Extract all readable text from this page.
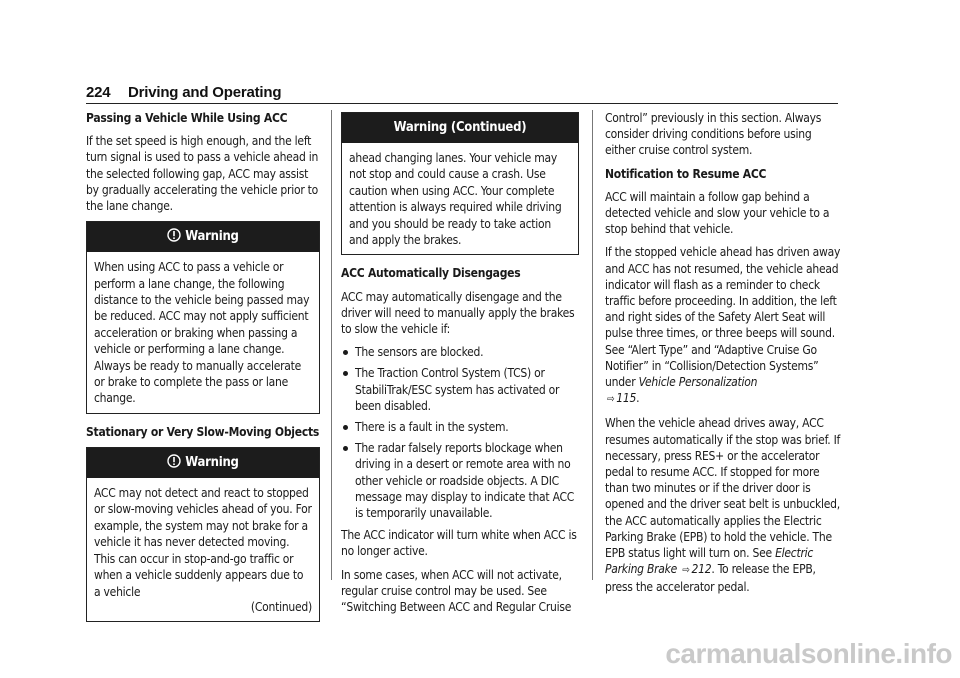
224 Driving and Operating
Passing a Vehicle While Using ACC

If the set speed is high enough, and the left turn signal is used to pass a vehicle ahead in the selected following gap, ACC may assist by gradually accelerating the vehicle prior to the lane change.

Warning
When using ACC to pass a vehicle or perform a lane change, the following distance to the vehicle being passed may be reduced. ACC may not apply sufficient acceleration or braking when passing a vehicle or performing a lane change. Always be ready to manually accelerate or brake to complete the pass or lane change.
Stationary or Very Slow-Moving Objects
Warning
ACC may not detect and react to stopped or slow-moving vehicles ahead of you. For example, the system may not brake for a vehicle it has never detected moving. This can occur in stop-and-go traffic or when a vehicle suddenly appears due to a vehicle
(Continued)
Warning (Continued)
ahead changing lanes. Your vehicle may not stop and could cause a crash. Use caution when using ACC. Your complete attention is always required while driving and you should be ready to take action and apply the brakes.
ACC Automatically Disengages

ACC may automatically disengage and the driver will need to manually apply the brakes to slow the vehicle if:

The sensors are blocked.
The Traction Control System (TCS) or StabiliTrak/ESC system has activated or been disabled.
There is a fault in the system.
The radar falsely reports blockage when driving in a desert or remote area with no other vehicle or roadside objects. A DIC message may display to indicate that ACC is temporarily unavailable.

The ACC indicator will turn white when ACC is no longer active.

In some cases, when ACC will not activate, regular cruise control may be used. See “Switching Between ACC and Regular Cruise

Control” previously in this section. Always consider driving conditions before using either cruise control system.

Notification to Resume ACC

ACC will maintain a follow gap behind a detected vehicle and slow your vehicle to a stop behind that vehicle.

If the stopped vehicle ahead has driven away and ACC has not resumed, the vehicle ahead indicator will flash as a reminder to check traffic before proceeding. In addition, the left and right sides of the Safety Alert Seat will pulse three times, or three beeps will sound. See “Alert Type” and “Adaptive Cruise Go Notifier” in “Collision/Detection Systems” under Vehicle Personalization
⇨ 115.

When the vehicle ahead drives away, ACC resumes automatically if the stop was brief. If necessary, press RES+ or the accelerator pedal to resume ACC. If stopped for more than two minutes or if the driver door is opened and the driver seat belt is unbuckled, the ACC automatically applies the Electric Parking Brake (EPB) to hold the vehicle. The EPB status light will turn on. See Electric Parking Brake ⇨ 212. To release the EPB, press the accelerator pedal.

carmanualsonline.info
